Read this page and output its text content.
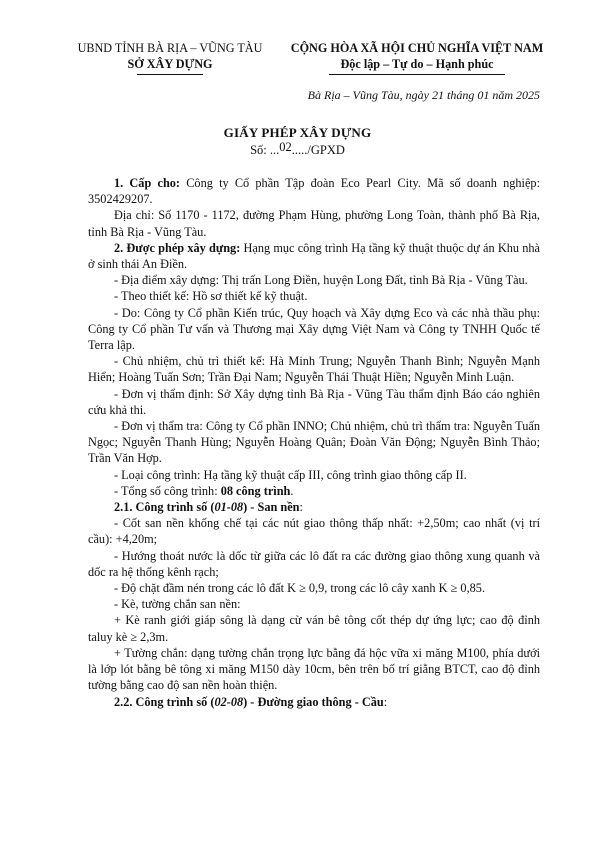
UBND TỈNH BÀ RỊA – VŨNG TÀU
SỞ XÂY DỰNG
CỘNG HÒA XÃ HỘI CHỦ NGHĨA VIỆT NAM
Độc lập – Tự do – Hạnh phúc
Bà Rịa – Vũng Tàu, ngày 21 tháng 01 năm 2025
GIẤY PHÉP XÂY DỰNG
Số: ...02...../GPXD

1. Cấp cho: Công ty Cổ phần Tập đoàn Eco Pearl City. Mã số doanh nghiệp: 3502429207.

Địa chỉ: Số 1170 - 1172, đường Phạm Hùng, phường Long Toàn, thành phố Bà Rịa, tỉnh Bà Rịa - Vũng Tàu.

2. Được phép xây dựng: Hạng mục công trình Hạ tầng kỹ thuật thuộc dự án Khu nhà ở sinh thái An Điền.

- Địa điểm xây dựng: Thị trấn Long Điền, huyện Long Đất, tỉnh Bà Rịa - Vũng Tàu.

- Theo thiết kế: Hồ sơ thiết kế kỹ thuật.

- Do: Công ty Cổ phần Kiến trúc, Quy hoạch và Xây dựng Eco và các nhà thầu phụ: Công ty Cổ phần Tư vấn và Thương mại Xây dựng Việt Nam và Công ty TNHH Quốc tế Terra lập.

- Chủ nhiệm, chủ trì thiết kế: Hà Minh Trung; Nguyễn Thanh Bình; Nguyễn Mạnh Hiển; Hoàng Tuấn Sơn; Trần Đại Nam; Nguyễn Thái Thuật Hiền; Nguyễn Minh Luận.

- Đơn vị thẩm định: Sở Xây dựng tỉnh Bà Rịa - Vũng Tàu thẩm định Báo cáo nghiên cứu khả thi.

- Đơn vị thẩm tra: Công ty Cổ phần INNO; Chủ nhiệm, chủ trì thẩm tra: Nguyễn Tuấn Ngọc; Nguyễn Thanh Hùng; Nguyễn Hoàng Quân; Đoàn Văn Động; Nguyễn Bình Thảo; Trần Văn Hợp.

- Loại công trình: Hạ tầng kỹ thuật cấp III, công trình giao thông cấp II.

- Tổng số công trình: 08 công trình.

2.1. Công trình số (01-08) - San nền:

- Cốt san nền khống chế tại các nút giao thông thấp nhất: +2,50m; cao nhất (vị trí cầu): +4,20m;

- Hướng thoát nước là dốc từ giữa các lô đất ra các đường giao thông xung quanh và dốc ra hệ thống kênh rạch;

- Độ chặt đầm nén trong các lô đất K ≥ 0,9, trong các lô cây xanh K ≥ 0,85.

- Kè, tường chắn san nền:

+ Kè ranh giới giáp sông là dạng cừ ván bê tông cốt thép dự ứng lực; cao độ đỉnh taluy kè ≥ 2,3m.

+ Tường chắn: dạng tường chắn trọng lực bằng đá hộc vữa xi măng M100, phía dưới là lớp lót bằng bê tông xi măng M150 dày 10cm, bên trên bố trí giằng BTCT, cao độ đỉnh tường bằng cao độ san nền hoàn thiện.

2.2. Công trình số (02-08) - Đường giao thông - Cầu:
